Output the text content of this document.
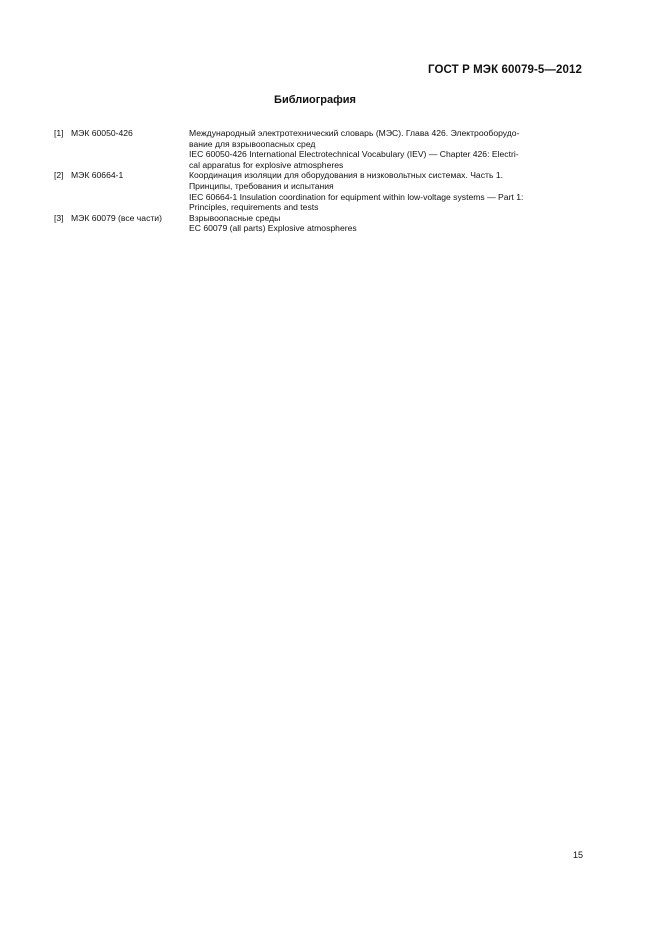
ГОСТ Р МЭК 60079-5—2012
Библиография
[1] МЭК 60050-426	Международный электротехнический словарь (МЭС). Глава 426. Электрооборудо-
вание для взрывоопасных сред
IEC 60050-426 International Electrotechnical Vocabulary (IEV) — Chapter 426: Electri-
cal apparatus for explosive atmospheres
[2] МЭК 60664-1	Координация изоляции для оборудования в низковольтных системах. Часть 1.
Принципы, требования и испытания
IEC 60664-1 Insulation coordination for equipment within low-voltage systems — Part 1:
Principles, requirements and tests
[3] МЭК 60079 (все части)	Взрывоопасные среды
EC 60079 (all parts) Explosive atmospheres
15
